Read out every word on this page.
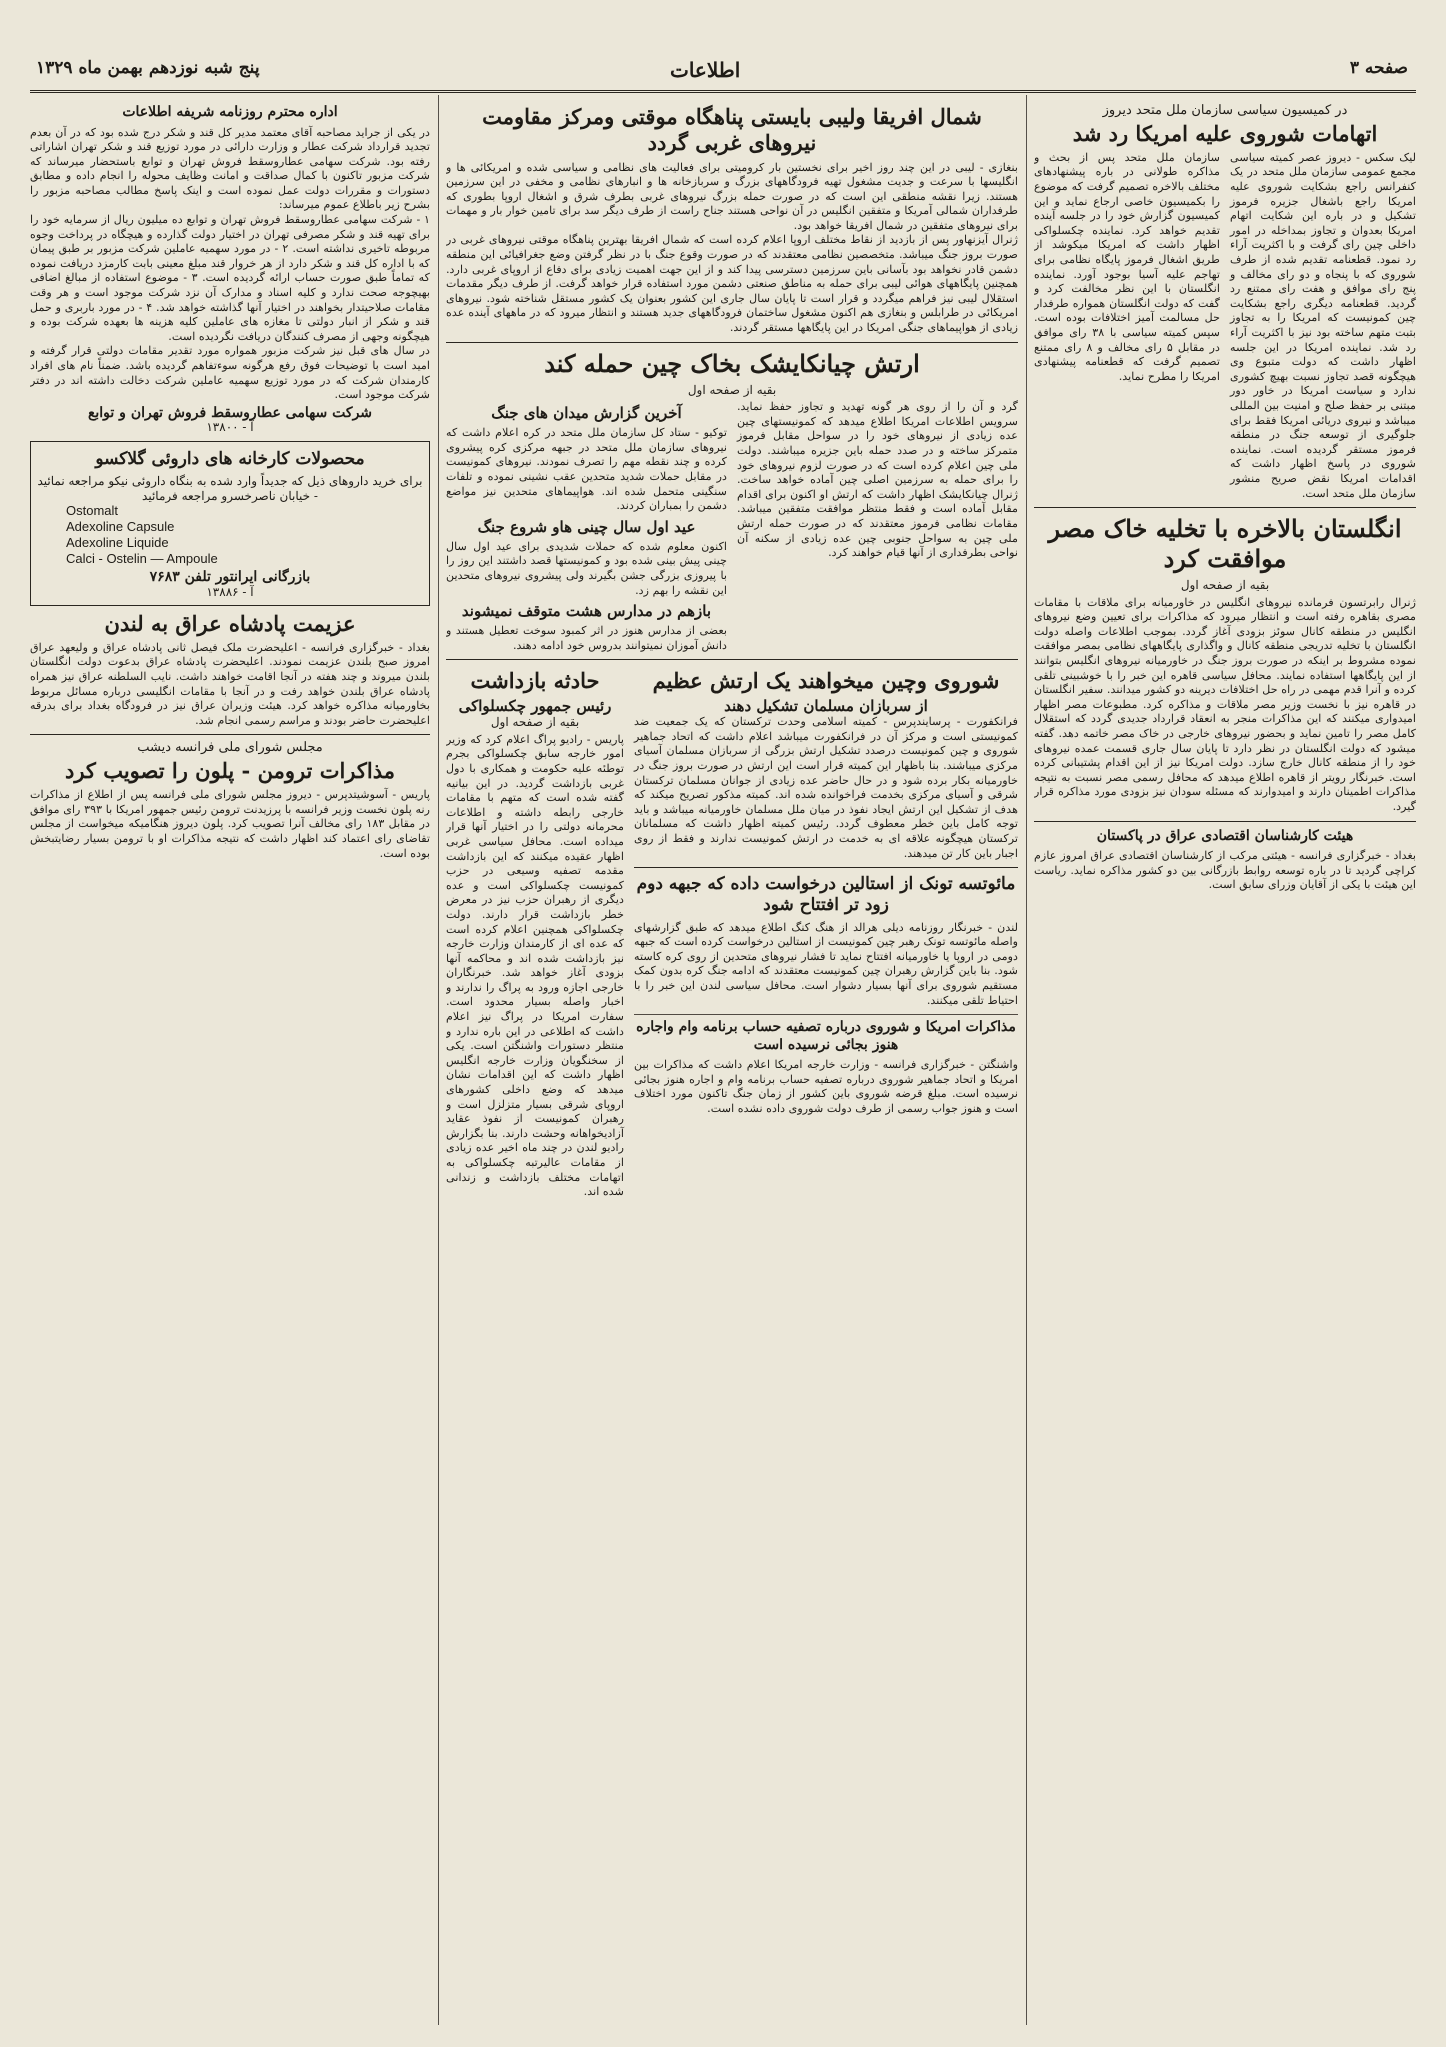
صفحه ۳
اطلاعات
پنج شبه نوزدهم بهمن ماه ۱۳۲۹
در کمیسیون سیاسی سازمان ملل متحد دیروز
اتهامات شوروی علیه امریکا رد شد
لیک سکس - دیروز عصر کمیته سیاسی مجمع عمومی سازمان ملل متحد در یک کنفرانس راجع بشکایت شوروی علیه امریکا راجع باشغال جزیره فرموز تشکیل و در باره این شکایت اتهام امریکا بعدوان و تجاوز بمداخله در امور داخلی چین رای گرفت و با اکثریت آراء رد نمود. قطعنامه تقدیم شده از طرف شوروی که با پنجاه و دو رای مخالف و پنج رای موافق و هفت رای ممتنع رد گردید. قطعنامه دیگری راجع بشکایت چین کمونیست که امریکا را به تجاوز بتبت متهم ساخته بود نیز با اکثریت آراء رد شد. نماینده امریکا در این جلسه اظهار داشت که دولت متبوع وی هیچگونه قصد تجاوز نسبت بهیچ کشوری ندارد و سیاست امریکا در خاور دور مبتنی بر حفظ صلح و امنیت بین المللی میباشد و نیروی دریائی امریکا فقط برای جلوگیری از توسعه جنگ در منطقه فرموز مستقر گردیده است. نماینده شوروی در پاسخ اظهار داشت که اقدامات امریکا نقض صریح منشور سازمان ملل متحد است.
سازمان ملل متحد پس از بحث و مذاکره طولانی در باره پیشنهادهای مختلف بالاخره تصمیم گرفت که موضوع را بکمیسیون خاصی ارجاع نماید و این کمیسیون گزارش خود را در جلسه آینده تقدیم خواهد کرد. نماینده چکسلواکی اظهار داشت که امریکا میکوشد از طریق اشغال فرموز پایگاه نظامی برای تهاجم علیه آسیا بوجود آورد. نماینده انگلستان با این نظر مخالفت کرد و گفت که دولت انگلستان همواره طرفدار حل مسالمت آمیز اختلافات بوده است. سپس کمیته سیاسی با ۳۸ رای موافق در مقابل ۵ رای مخالف و ۸ رای ممتنع تصمیم گرفت که قطعنامه پیشنهادی امریکا را مطرح نماید.
انگلستان بالاخره با تخلیه خاک مصر موافقت کرد
بقیه از صفحه اول
ژنرال رابرتسون فرمانده نیروهای انگلیس در خاورمیانه برای ملاقات با مقامات مصری بقاهره رفته است و انتظار میرود که مذاکرات برای تعیین وضع نیروهای انگلیس در منطقه کانال سوئز بزودی آغاز گردد. بموجب اطلاعات واصله دولت انگلستان با تخلیه تدریجی منطقه کانال و واگذاری پایگاههای نظامی بمصر موافقت نموده مشروط بر اینکه در صورت بروز جنگ در خاورمیانه نیروهای انگلیس بتوانند از این پایگاهها استفاده نمایند. محافل سیاسی قاهره این خبر را با خوشبینی تلقی کرده و آنرا قدم مهمی در راه حل اختلافات دیرینه دو کشور میدانند. سفیر انگلستان در قاهره نیز با نخست وزیر مصر ملاقات و مذاکره کرد. مطبوعات مصر اظهار امیدواری میکنند که این مذاکرات منجر به انعقاد قرارداد جدیدی گردد که استقلال کامل مصر را تامین نماید و بحضور نیروهای خارجی در خاک مصر خاتمه دهد. گفته میشود که دولت انگلستان در نظر دارد تا پایان سال جاری قسمت عمده نیروهای خود را از منطقه کانال خارج سازد. دولت امریکا نیز از این اقدام پشتیبانی کرده است. خبرنگار رویتر از قاهره اطلاع میدهد که محافل رسمی مصر نسبت به نتیجه مذاکرات اطمینان دارند و امیدوارند که مسئله سودان نیز بزودی مورد مذاکره قرار گیرد.
هیئت کارشناسان اقتصادی عراق در پاکستان
بغداد - خبرگزاری فرانسه - هیئتی مرکب از کارشناسان اقتصادی عراق امروز عازم کراچی گردید تا در باره توسعه روابط بازرگانی بین دو کشور مذاکره نماید. ریاست این هیئت با یکی از آقایان وزرای سابق است.
شمال افریقا ولیبی بایستی پناهگاه موقتی ومرکز مقاومت نیروهای غربی گردد
بنغازی - لیبی در این چند روز اخیر برای نخستین بار کرومیتی برای فعالیت های نظامی و سیاسی شده و امریکائی ها و انگلیسها با سرعت و جدیت مشغول تهیه فرودگاههای بزرگ و سربازخانه ها و انبارهای نظامی و مخفی در این سرزمین هستند. زیرا نقشه منطقی این است که در صورت حمله بزرگ نیروهای غربی بطرف شرق و اشغال اروپا بطوری که طرفداران شمالی آمریکا و متفقین انگلیس در آن نواحی هستند جناح راست از طرف دیگر سد برای تامین خوار بار و مهمات برای نیروهای متفقین در شمال افریقا خواهد بود.
ژنرال آیزنهاور پس از بازدید از نقاط مختلف اروپا اعلام کرده است که شمال افریقا بهترین پناهگاه موقتی نیروهای غربی در صورت بروز جنگ میباشد. متخصصین نظامی معتقدند که در صورت وقوع جنگ با در نظر گرفتن وضع جغرافیائی این منطقه دشمن قادر نخواهد بود بآسانی باین سرزمین دسترسی پیدا کند و از این جهت اهمیت زیادی برای دفاع از اروپای غربی دارد. همچنین پایگاههای هوائی لیبی برای حمله به مناطق صنعتی دشمن مورد استفاده قرار خواهد گرفت. از طرف دیگر مقدمات استقلال لیبی نیز فراهم میگردد و قرار است تا پایان سال جاری این کشور بعنوان یک کشور مستقل شناخته شود. نیروهای امریکائی در طرابلس و بنغازی هم اکنون مشغول ساختمان فرودگاههای جدید هستند و انتظار میرود که در ماههای آینده عده زیادی از هواپیماهای جنگی امریکا در این پایگاهها مستقر گردند.
ارتش چیانکایشک بخاک چین حمله کند
بقیه از صفحه اول
گرد و آن را از روی هر گونه تهدید و تجاوز حفظ نماید. سرویس اطلاعات امریکا اطلاع میدهد که کمونیستهای چین عده زیادی از نیروهای خود را در سواحل مقابل فرموز متمرکز ساخته و در صدد حمله باین جزیره میباشند. دولت ملی چین اعلام کرده است که در صورت لزوم نیروهای خود را برای حمله به سرزمین اصلی چین آماده خواهد ساخت. ژنرال چیانکایشک اظهار داشت که ارتش او اکنون برای اقدام مقابل آماده است و فقط منتظر موافقت متفقین میباشد. مقامات نظامی فرموز معتقدند که در صورت حمله ارتش ملی چین به سواحل جنوبی چین عده زیادی از سکنه آن نواحی بطرفداری از آنها قیام خواهند کرد.
آخرین گزارش میدان های جنگ
توکیو - ستاد کل سازمان ملل متحد در کره اعلام داشت که نیروهای سازمان ملل متحد در جبهه مرکزی کره پیشروی کرده و چند نقطه مهم را تصرف نمودند. نیروهای کمونیست در مقابل حملات شدید متحدین عقب نشینی نموده و تلفات سنگینی متحمل شده اند. هواپیماهای متحدین نیز مواضع دشمن را بمباران کردند.
عید اول سال چینی هاو شروع جنگ
اکنون معلوم شده که حملات شدیدی برای عید اول سال چینی پیش بینی شده بود و کمونیستها قصد داشتند این روز را با پیروزی بزرگی جشن بگیرند ولی پیشروی نیروهای متحدین این نقشه را بهم زد.
بازهم در مدارس هشت متوقف نمیشوند
بعضی از مدارس هنوز در اثر کمبود سوخت تعطیل هستند و دانش آموزان نمیتوانند بدروس خود ادامه دهند.
شوروی وچین میخواهند یک ارتش عظیم
از سربازان مسلمان تشکیل دهند
فرانکفورت - پرسایندپرس - کمیته اسلامی وحدت ترکستان که یک جمعیت ضد کمونیستی است و مرکز آن در فرانکفورت میباشد اعلام داشت که اتحاد جماهیر شوروی و چین کمونیست درصدد تشکیل ارتش بزرگی از سربازان مسلمان آسیای مرکزی میباشند. بنا باظهار این کمیته قرار است این ارتش در صورت بروز جنگ در خاورمیانه بکار برده شود و در حال حاضر عده زیادی از جوانان مسلمان ترکستان شرقی و آسیای مرکزی بخدمت فراخوانده شده اند. کمیته مذکور تصریح میکند که هدف از تشکیل این ارتش ایجاد نفوذ در میان ملل مسلمان خاورمیانه میباشد و باید توجه کامل باین خطر معطوف گردد. رئیس کمیته اظهار داشت که مسلمانان ترکستان هیچگونه علاقه ای به خدمت در ارتش کمونیست ندارند و فقط از روی اجبار باین کار تن میدهند.
مائوتسه تونک از استالین درخواست داده که جبهه دوم زود تر افتتاح شود
لندن - خبرنگار روزنامه دیلی هرالد از هنگ کنگ اطلاع میدهد که طبق گزارشهای واصله مائوتسه تونک رهبر چین کمونیست از استالین درخواست کرده است که جبهه دومی در اروپا یا خاورمیانه افتتاح نماید تا فشار نیروهای متحدین از روی کره کاسته شود. بنا باین گزارش رهبران چین کمونیست معتقدند که ادامه جنگ کره بدون کمک مستقیم شوروی برای آنها بسیار دشوار است. محافل سیاسی لندن این خبر را با احتیاط تلقی میکنند.
مذاکرات امریکا و شوروی درباره تصفیه حساب برنامه وام واجاره هنوز بجائی نرسیده است
واشنگتن - خبرگزاری فرانسه - وزارت خارجه امریکا اعلام داشت که مذاکرات بین امریکا و اتحاد جماهیر شوروی درباره تصفیه حساب برنامه وام و اجاره هنوز بجائی نرسیده است. مبلغ قرضه شوروی باین کشور از زمان جنگ تاکنون مورد اختلاف است و هنوز جواب رسمی از طرف دولت شوروی داده نشده است.
حادثه بازداشت
رئیس جمهور چکسلواکی
بقیه از صفحه اول
پاریس - رادیو پراگ اعلام کرد که وزیر امور خارجه سابق چکسلواکی بجرم توطئه علیه حکومت و همکاری با دول غربی بازداشت گردید. در این بیانیه گفته شده است که متهم با مقامات خارجی رابطه داشته و اطلاعات محرمانه دولتی را در اختیار آنها قرار میداده است. محافل سیاسی غربی اظهار عقیده میکنند که این بازداشت مقدمه تصفیه وسیعی در حزب کمونیست چکسلواکی است و عده دیگری از رهبران حزب نیز در معرض خطر بازداشت قرار دارند. دولت چکسلواکی همچنین اعلام کرده است که عده ای از کارمندان وزارت خارجه نیز بازداشت شده اند و محاکمه آنها بزودی آغاز خواهد شد. خبرنگاران خارجی اجازه ورود به پراگ را ندارند و اخبار واصله بسیار محدود است. سفارت امریکا در پراگ نیز اعلام داشت که اطلاعی در این باره ندارد و منتظر دستورات واشنگتن است. یکی از سخنگویان وزارت خارجه انگلیس اظهار داشت که این اقدامات نشان میدهد که وضع داخلی کشورهای اروپای شرقی بسیار متزلزل است و رهبران کمونیست از نفوذ عقاید آزادیخواهانه وحشت دارند. بنا بگزارش رادیو لندن در چند ماه اخیر عده زیادی از مقامات عالیرتبه چکسلواکی به اتهامات مختلف بازداشت و زندانی شده اند.
اداره محترم روزنامه شریفه اطلاعات
در یکی از جراید مصاحبه آقای معتمد مدیر کل قند و شکر درج شده بود که در آن بعدم تجدید قرارداد شرکت عطار و وزارت دارائی در مورد توزیع قند و شکر تهران اشاراتی رفته بود. شرکت سهامی عطاروسقط فروش تهران و توابع باستحضار میرساند که شرکت مزبور تاکنون با کمال صداقت و امانت وظایف محوله را انجام داده و مطابق دستورات و مقررات دولت عمل نموده است و اینک پاسخ مطالب مصاحبه مزبور را بشرح زیر باطلاع عموم میرساند:
۱ - شرکت سهامی عطاروسقط فروش تهران و توابع ده میلیون ریال از سرمایه خود را برای تهیه قند و شکر مصرفی تهران در اختیار دولت گذارده و هیچگاه در پرداخت وجوه مربوطه تاخیری نداشته است. ۲ - در مورد سهمیه عاملین شرکت مزبور بر طبق پیمان که با اداره کل قند و شکر دارد از هر خروار قند مبلغ معینی بابت کارمزد دریافت نموده که تماماً طبق صورت حساب ارائه گردیده است. ۳ - موضوع استفاده از مبالغ اضافی بهیچوجه صحت ندارد و کلیه اسناد و مدارک آن نزد شرکت موجود است و هر وقت مقامات صلاحیتدار بخواهند در اختیار آنها گذاشته خواهد شد. ۴ - در مورد باربری و حمل قند و شکر از انبار دولتی تا مغازه های عاملین کلیه هزینه ها بعهده شرکت بوده و هیچگونه وجهی از مصرف کنندگان دریافت نگردیده است.
در سال های قبل نیز شرکت مزبور همواره مورد تقدیر مقامات دولتی قرار گرفته و امید است با توضیحات فوق رفع هرگونه سوءتفاهم گردیده باشد. ضمناً نام های افراد کارمندان شرکت که در مورد توزیع سهمیه عاملین شرکت دخالت داشته اند در دفتر شرکت موجود است.
شرکت سهامی عطاروسقط فروش تهران و توابع
آ - ۱۳۸۰۰
محصولات کارخانه های داروئی گلاکسو
برای خرید داروهای ذیل که جدیداً وارد شده به بنگاه داروئی نیکو مراجعه نمائید - خیابان ناصرخسرو مراجعه فرمائید
Ostomalt
Adexoline Capsule
Adexoline Liquide
Calci - Ostelin — Ampoule
بازرگانی ایرانتور تلفن ۷۶۸۳
آ - ۱۳۸۸۶
عزیمت پادشاه عراق به لندن
بغداد - خبرگزاری فرانسه - اعلیحضرت ملک فیصل ثانی پادشاه عراق و ولیعهد عراق امروز صبح بلندن عزیمت نمودند. اعلیحضرت پادشاه عراق بدعوت دولت انگلستان بلندن میروند و چند هفته در آنجا اقامت خواهند داشت. نایب السلطنه عراق نیز همراه پادشاه عراق بلندن خواهد رفت و در آنجا با مقامات انگلیسی درباره مسائل مربوط بخاورمیانه مذاکره خواهد کرد. هیئت وزیران عراق نیز در فرودگاه بغداد برای بدرقه اعلیحضرت حاضر بودند و مراسم رسمی انجام شد.
مجلس شورای ملی فرانسه دیشب
مذاکرات ترومن - پلون را تصویب کرد
پاریس - آسوشیتدپرس - دیروز مجلس شورای ملی فرانسه پس از اطلاع از مذاکرات رنه پلون نخست وزیر فرانسه با پرزیدنت ترومن رئیس جمهور امریکا با ۳۹۳ رای موافق در مقابل ۱۸۳ رای مخالف آنرا تصویب کرد. پلون دیروز هنگامیکه میخواست از مجلس تقاضای رای اعتماد کند اظهار داشت که نتیجه مذاکرات او با ترومن بسیار رضایتبخش بوده است.
